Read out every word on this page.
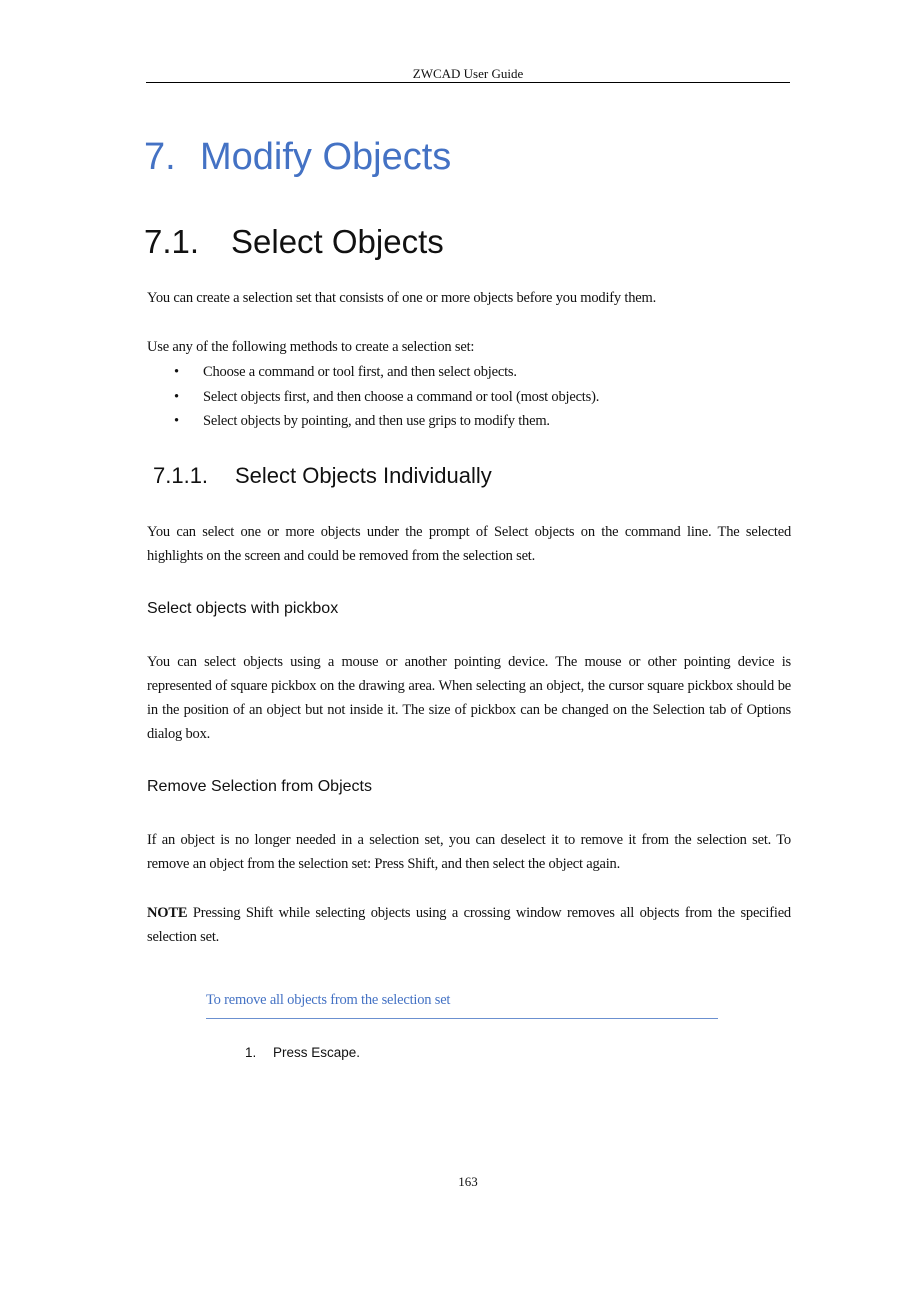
ZWCAD User Guide
7. Modify Objects
7.1. Select Objects

You can create a selection set that consists of one or more objects before you modify them.

Use any of the following methods to create a selection set:

• Choose a command or tool first, and then select objects.
• Select objects first, and then choose a command or tool (most objects).
• Select objects by pointing, and then use grips to modify them.
7.1.1. Select Objects Individually

You can select one or more objects under the prompt of Select objects on the command line. The selected highlights on the screen and could be removed from the selection set.

Select objects with pickbox

You can select objects using a mouse or another pointing device. The mouse or other pointing device is represented of square pickbox on the drawing area. When selecting an object, the cursor square pickbox should be in the position of an object but not inside it. The size of pickbox can be changed on the Selection tab of Options dialog box.

Remove Selection from Objects

If an object is no longer needed in a selection set, you can deselect it to remove it from the selection set. To remove an object from the selection set: Press Shift, and then select the object again.

NOTE Pressing Shift while selecting objects using a crossing window removes all objects from the specified selection set.

To remove all objects from the selection set
1. Press Escape.
163
